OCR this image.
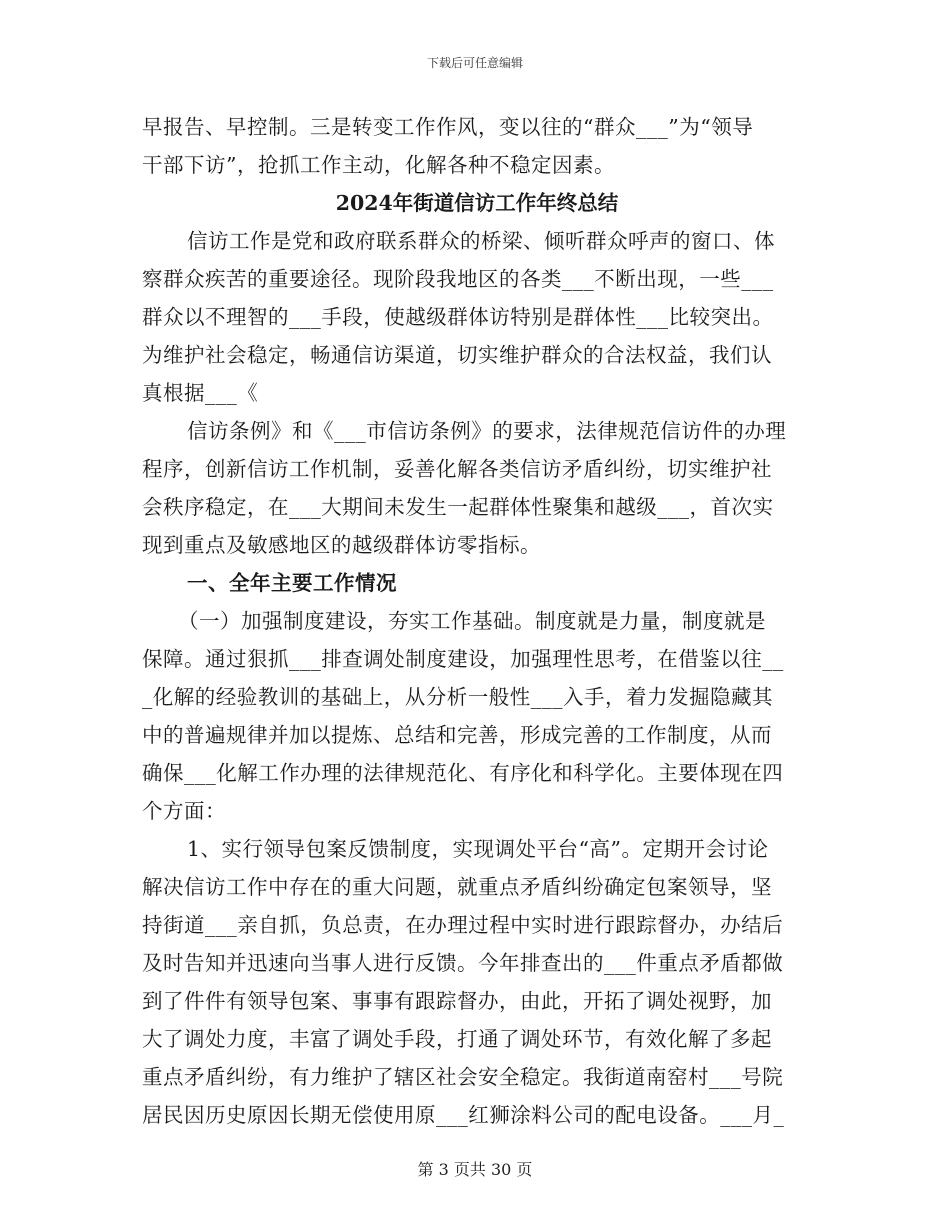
下载后可任意编辑
早报告、早控制。三是转变工作作风，变以往的“群众___”为“领导
干部下访”，抢抓工作主动，化解各种不稳定因素。
2024年街道信访工作年终总结
信访工作是党和政府联系群众的桥梁、倾听群众呼声的窗口、体
察群众疾苦的重要途径。现阶段我地区的各类___不断出现，一些___
群众以不理智的___手段，使越级群体访特别是群体性___比较突出。
为维护社会稳定，畅通信访渠道，切实维护群众的合法权益，我们认
真根据___《
信访条例》和《___市信访条例》的要求，法律规范信访件的办理
程序，创新信访工作机制，妥善化解各类信访矛盾纠纷，切实维护社
会秩序稳定，在___大期间未发生一起群体性聚集和越级___，首次实
现到重点及敏感地区的越级群体访零指标。
一、全年主要工作情况
（一）加强制度建设，夯实工作基础。制度就是力量，制度就是
保障。通过狠抓___排查调处制度建设，加强理性思考，在借鉴以往__
_化解的经验教训的基础上，从分析一般性___入手，着力发掘隐藏其
中的普遍规律并加以提炼、总结和完善，形成完善的工作制度，从而
确保___化解工作办理的法律规范化、有序化和科学化。主要体现在四
个方面：
1、实行领导包案反馈制度，实现调处平台“高”。定期开会讨论
解决信访工作中存在的重大问题，就重点矛盾纠纷确定包案领导，坚
持街道___亲自抓，负总责，在办理过程中实时进行跟踪督办，办结后
及时告知并迅速向当事人进行反馈。今年排查出的___件重点矛盾都做
到了件件有领导包案、事事有跟踪督办，由此，开拓了调处视野，加
大了调处力度，丰富了调处手段，打通了调处环节，有效化解了多起
重点矛盾纠纷，有力维护了辖区社会安全稳定。我街道南窑村___号院
居民因历史原因长期无偿使用原___红狮涂料公司的配电设备。___月_
第 3 页共 30 页
